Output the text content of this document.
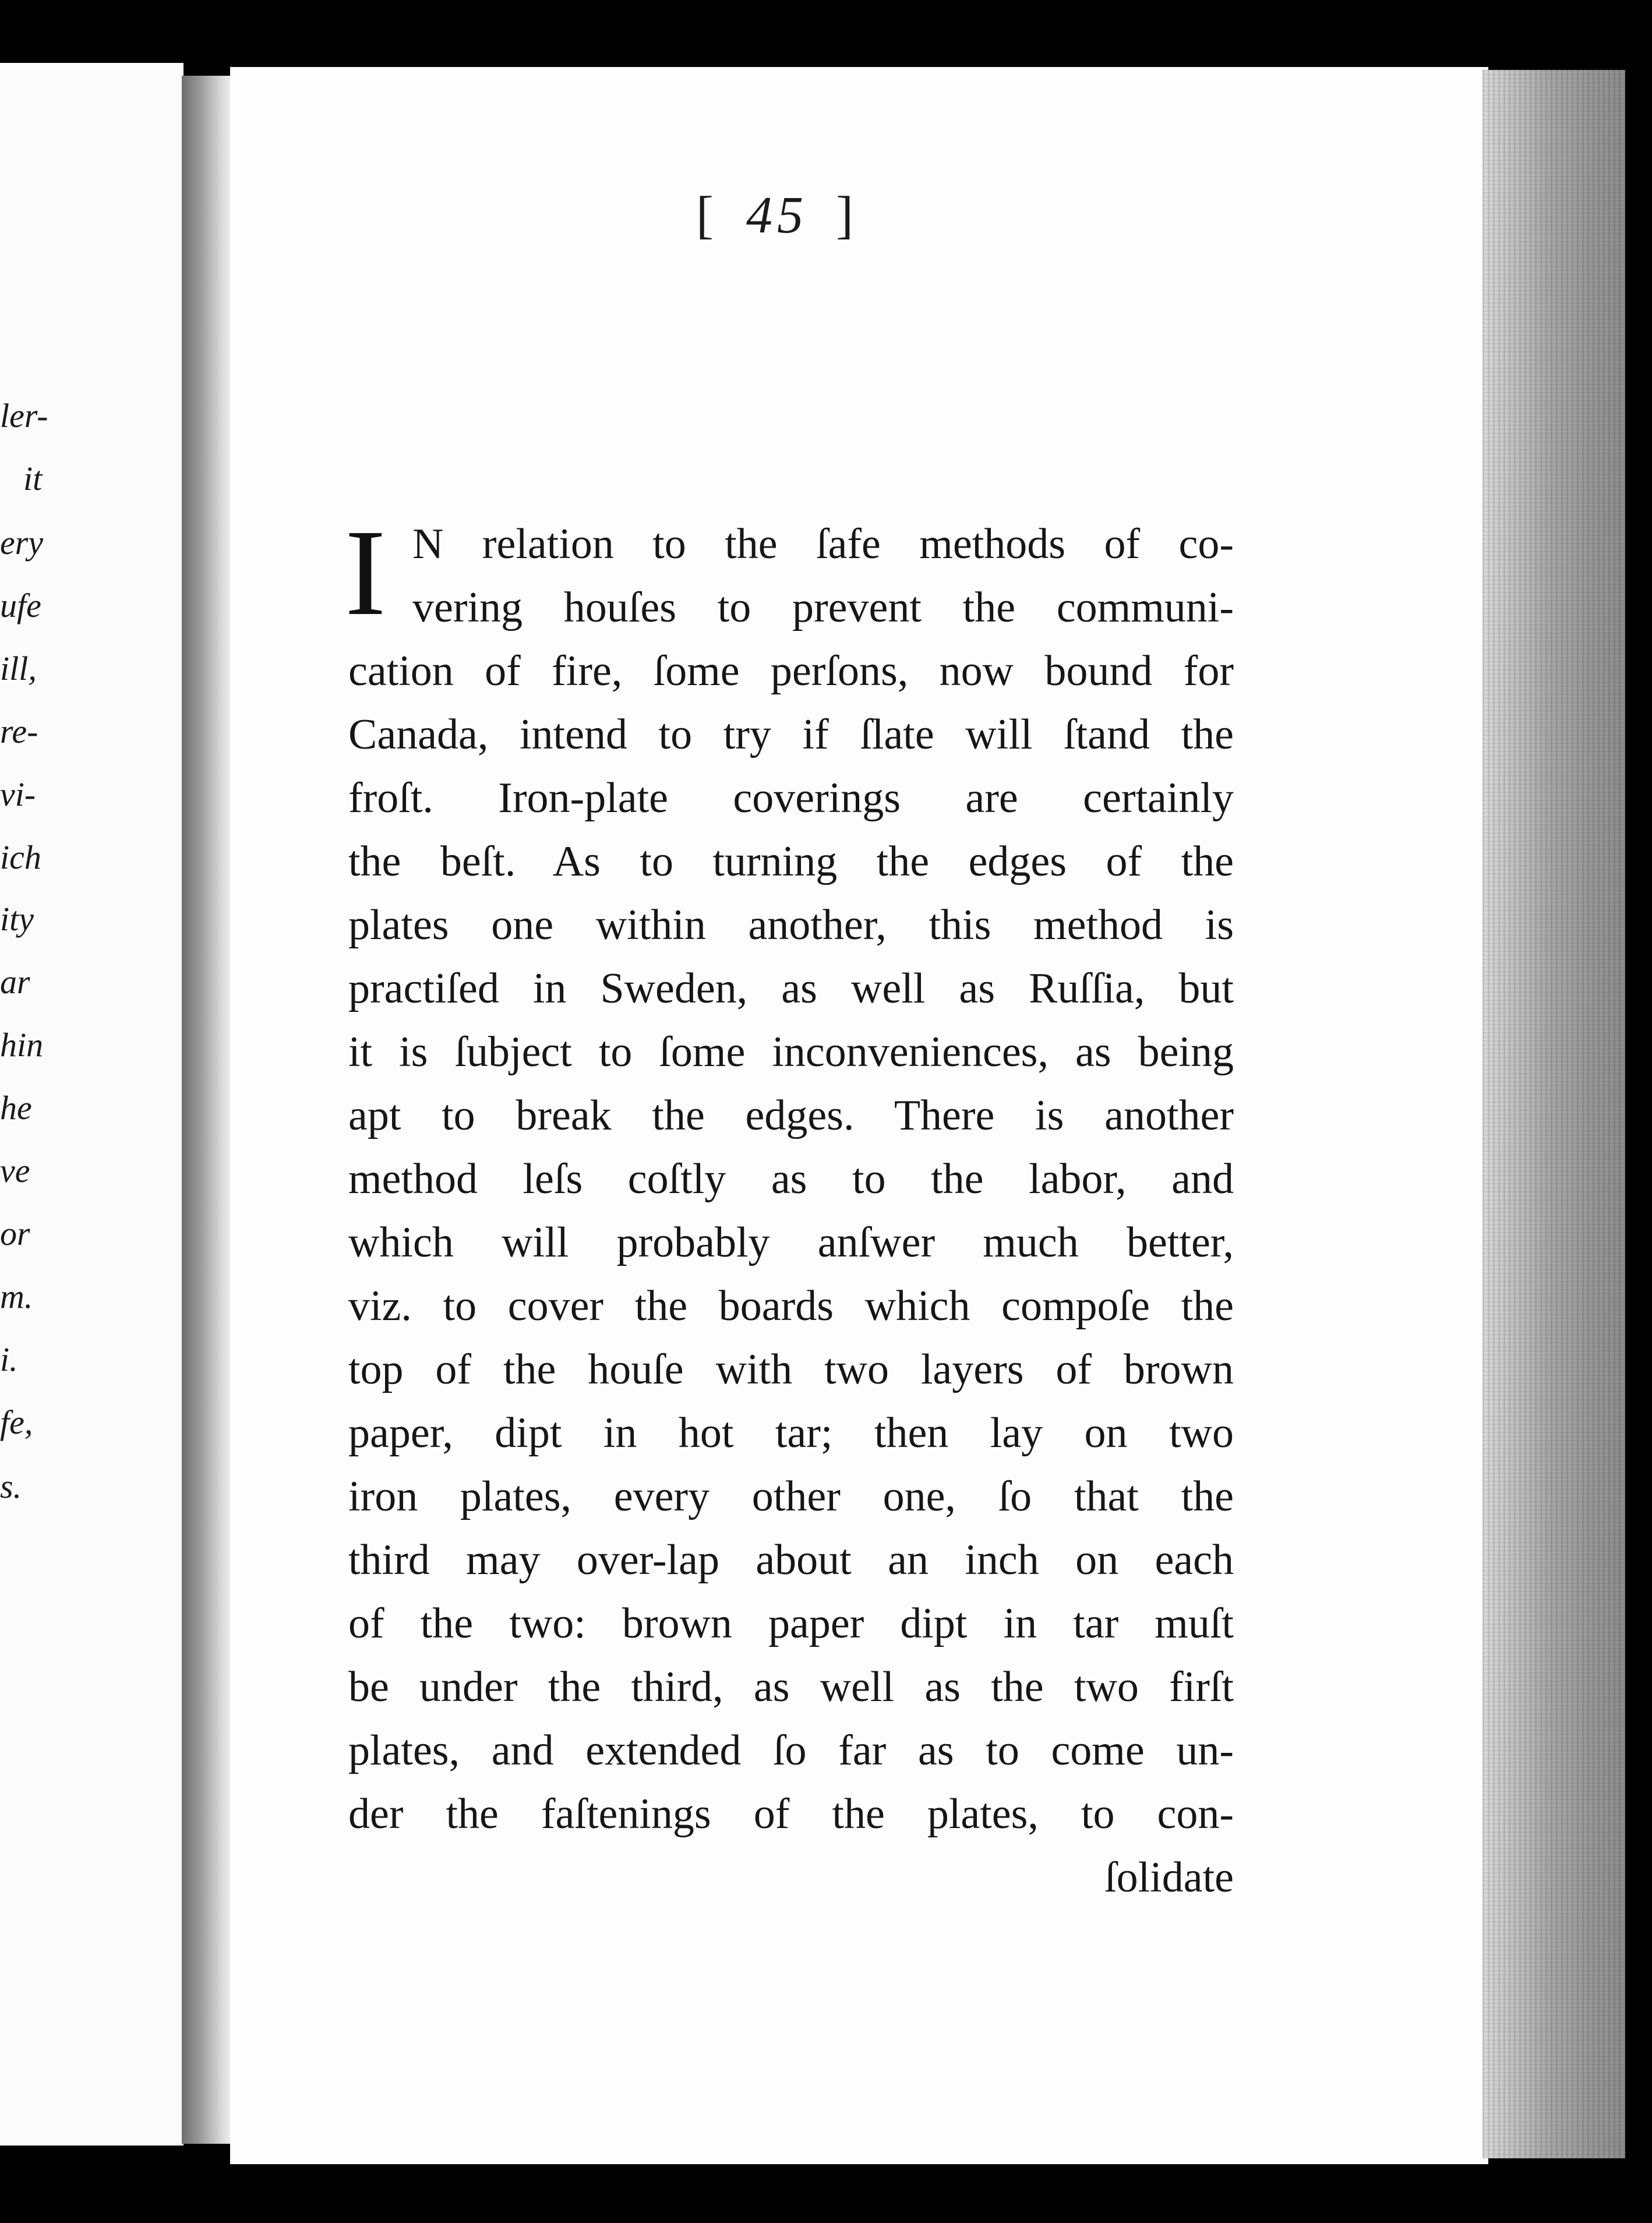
ler-
it
ery
ufe
ill,
re-
vi-
ich
ity
ar
hin
he
ve
or
m.
i.
fe,
s.
[ 45 ]
I N relation to the ſafe methods of co-
vering houſes to prevent the communi-
cation of fire, ſome perſons, now bound for
Canada, intend to try if ſlate will ſtand the
froſt. Iron-plate coverings are certainly
the beſt. As to turning the edges of the
plates one within another, this method is
practiſed in Sweden, as well as Ruſſia, but
it is ſubject to ſome inconveniences, as being
apt to break the edges. There is another
method leſs coſtly as to the labor, and
which will probably anſwer much better,
viz. to cover the boards which compoſe the
top of the houſe with two layers of brown
paper, dipt in hot tar; then lay on two
iron plates, every other one, ſo that the
third may over-lap about an inch on each
of the two: brown paper dipt in tar muſt
be under the third, as well as the two firſt
plates, and extended ſo far as to come un-
der the faſtenings of the plates, to con-
ſolidate
